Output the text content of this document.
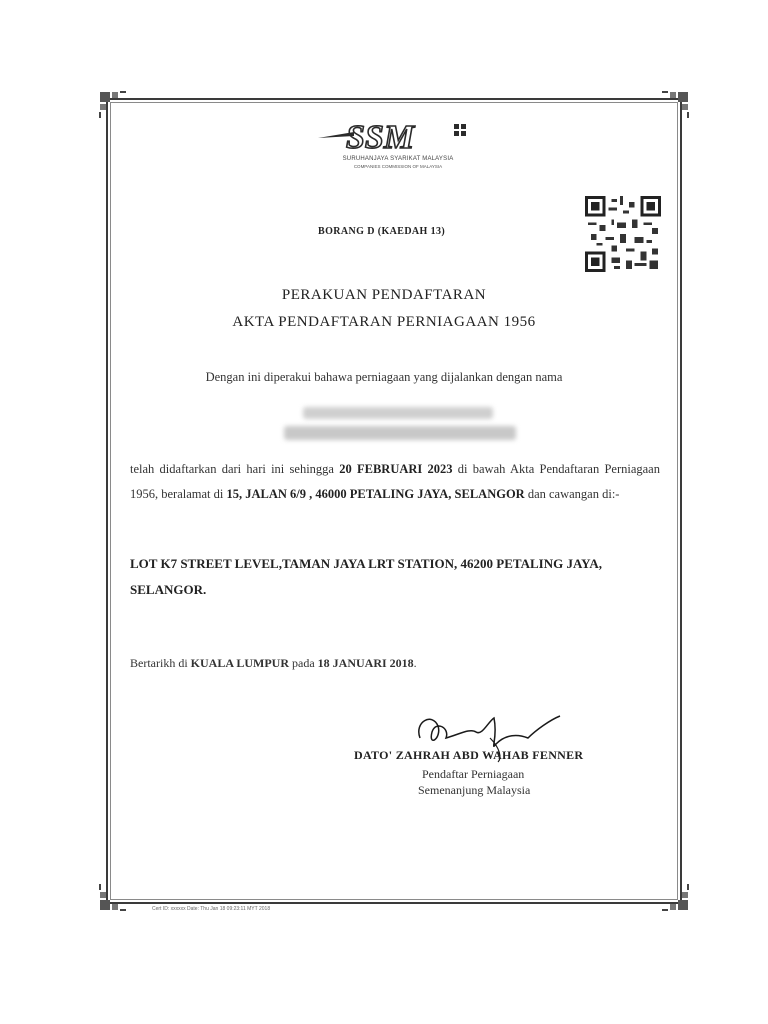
SSM
SURUHANJAYA SYARIKAT MALAYSIA
COMPANIES COMMISSION OF MALAYSIA
BORANG D (KAEDAH 13)
PERAKUAN PENDAFTARAN
AKTA PENDAFTARAN PERNIAGAAN 1956
Dengan ini diperakui bahawa perniagaan yang dijalankan dengan nama
telah didaftarkan dari hari ini sehingga 20 FEBRUARI 2023 di bawah Akta Pendaftaran Perniagaan 1956, beralamat di 15, JALAN 6/9 , 46000 PETALING JAYA, SELANGOR dan cawangan di:-
LOT K7 STREET LEVEL,TAMAN JAYA LRT STATION, 46200 PETALING JAYA, SELANGOR.
Bertarikh di KUALA LUMPUR pada 18 JANUARI 2018.
DATO' ZAHRAH ABD WAHAB FENNER
Pendaftar Perniagaan
Semenanjung Malaysia
Cert ID: xxxxxx Date: Thu Jan 18 09:23:11 MYT 2018
